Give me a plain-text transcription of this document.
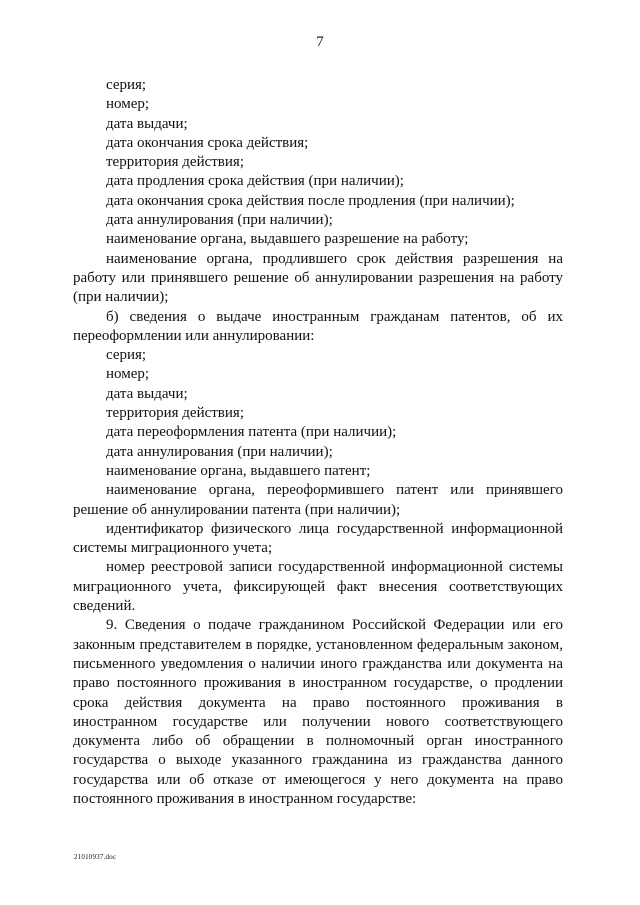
7

серия;

номер;

дата выдачи;

дата окончания срока действия;

территория действия;

дата продления срока действия (при наличии);

дата окончания срока действия после продления (при наличии);

дата аннулирования (при наличии);

наименование органа, выдавшего разрешение на работу;

наименование органа, продлившего срок действия разрешения на работу или принявшего решение об аннулировании разрешения на работу (при наличии);

б) сведения о выдаче иностранным гражданам патентов, об их переоформлении или аннулировании:

серия;

номер;

дата выдачи;

территория действия;

дата переоформления патента (при наличии);

дата аннулирования (при наличии);

наименование органа, выдавшего патент;

наименование органа, переоформившего патент или принявшего решение об аннулировании патента (при наличии);

идентификатор физического лица государственной информационной системы миграционного учета;

номер реестровой записи государственной информационной системы миграционного учета, фиксирующей факт внесения соответствующих сведений.

9. Сведения о подаче гражданином Российской Федерации или его законным представителем в порядке, установленном федеральным законом, письменного уведомления о наличии иного гражданства или документа на право постоянного проживания в иностранном государстве, о продлении срока действия документа на право постоянного проживания в иностранном государстве или получении нового соответствующего документа либо об обращении в полномочный орган иностранного государства о выходе указанного гражданина из гражданства данного государства или об отказе от имеющегося у него документа на право постоянного проживания в иностранном государстве:

21010937.doc
